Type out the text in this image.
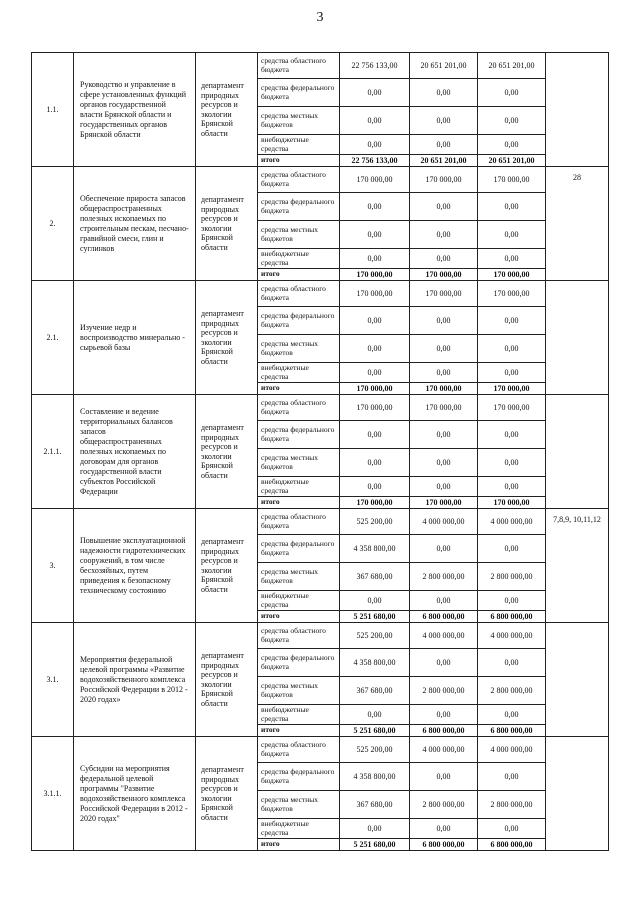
3
1.1.	Руководство и управление в сфере установленных функций органов государственной власти Брянской области и государственных органов Брянской области	департамент природных ресурсов и экологии Брянской области	средства областного бюджета	22 756 133,00	20 651 201,00	20 651 201,00	
			средства федерального бюджета	0,00	0,00	0,00	
			средства местных бюджетов	0,00	0,00	0,00	
			внебюджетные средства	0,00	0,00	0,00	
			итого	22 756 133,00	20 651 201,00	20 651 201,00	
2.	Обеспечение прироста запасов общераспространенных полезных ископаемых по строительным пескам, песчано-гравийной смеси, глин и суглинков	департамент природных ресурсов и экологии Брянской области	средства областного бюджета	170 000,00	170 000,00	170 000,00	28
			средства федерального бюджета	0,00	0,00	0,00	
			средства местных бюджетов	0,00	0,00	0,00	
			внебюджетные средства	0,00	0,00	0,00	
			итого	170 000,00	170 000,00	170 000,00	
2.1.	Изучение недр и воспроизводство минерально - сырьевой базы	департамент природных ресурсов и экологии Брянской области	средства областного бюджета	170 000,00	170 000,00	170 000,00	
			средства федерального бюджета	0,00	0,00	0,00	
			средства местных бюджетов	0,00	0,00	0,00	
			внебюджетные средства	0,00	0,00	0,00	
			итого	170 000,00	170 000,00	170 000,00	
2.1.1.	Составление и ведение территориальных балансов запасов общераспространенных полезных ископаемых по договорам для органов государственной власти субъектов Российской Федерации	департамент природных ресурсов и экологии Брянской области	средства областного бюджета	170 000,00	170 000,00	170 000,00	
			средства федерального бюджета	0,00	0,00	0,00	
			средства местных бюджетов	0,00	0,00	0,00	
			внебюджетные средства	0,00	0,00	0,00	
			итого	170 000,00	170 000,00	170 000,00	
3.	Повышение эксплуатационной надежности гидротехнических сооружений, в том числе бесхозяйных, путем приведения к безопасному техническому состоянию	департамент природных ресурсов и экологии Брянской области	средства областного бюджета	525 200,00	4 000 000,00	4 000 000,00	7,8,9, 10,11,12
			средства федерального бюджета	4 358 800,00	0,00	0,00	
			средства местных бюджетов	367 680,00	2 800 000,00	2 800 000,00	
			внебюджетные средства	0,00	0,00	0,00	
			итого	5 251 680,00	6 800 000,00	6 800 000,00	
3.1.	Мероприятия федеральной целевой программы «Развитие водохозяйственного комплекса Российской Федерации в 2012 - 2020 годах»	департамент природных ресурсов и экологии Брянской области	средства областного бюджета	525 200,00	4 000 000,00	4 000 000,00	
			средства федерального бюджета	4 358 800,00	0,00	0,00	
			средства местных бюджетов	367 680,00	2 800 000,00	2 800 000,00	
			внебюджетные средства	0,00	0,00	0,00	
			итого	5 251 680,00	6 800 000,00	6 800 000,00	
3.1.1.	Субсидии на мероприятия федеральной целевой программы "Развитие водохозяйственного комплекса Российской Федерации в 2012 - 2020 годах"	департамент природных ресурсов и экологии Брянской области	средства областного бюджета	525 200,00	4 000 000,00	4 000 000,00	
			средства федерального бюджета	4 358 800,00	0,00	0,00	
			средства местных бюджетов	367 680,00	2 800 000,00	2 800 000,00	
			внебюджетные средства	0,00	0,00	0,00	
			итого	5 251 680,00	6 800 000,00	6 800 000,00	
